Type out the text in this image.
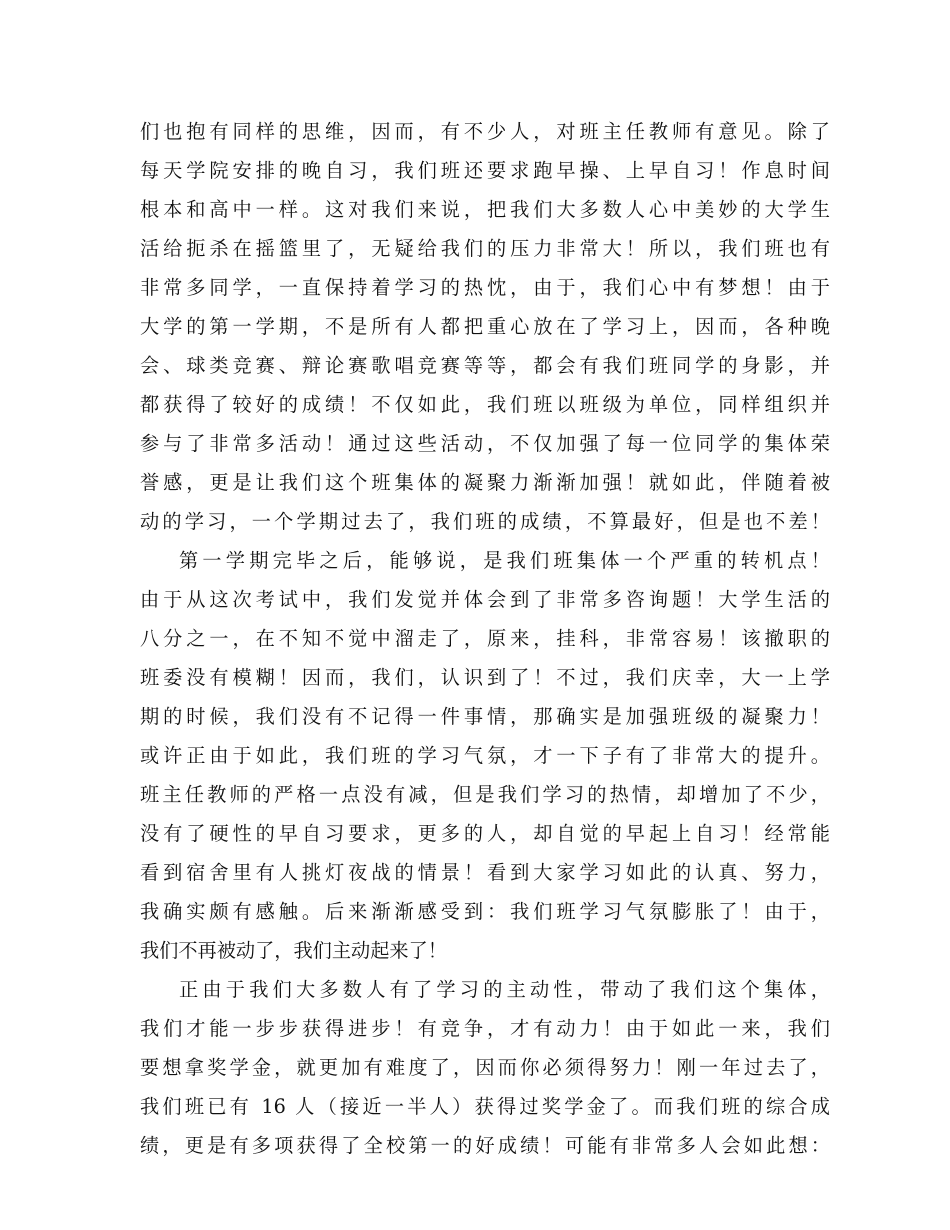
们也抱有同样的思维，因而，有不少人，对班主任教师有意见。除了
每天学院安排的晚自习，我们班还要求跑早操、上早自习！作息时间
根本和高中一样。这对我们来说，把我们大多数人心中美妙的大学生
活给扼杀在摇篮里了，无疑给我们的压力非常大！所以，我们班也有
非常多同学，一直保持着学习的热忱，由于，我们心中有梦想！由于
大学的第一学期，不是所有人都把重心放在了学习上，因而，各种晚
会、球类竞赛、辩论赛歌唱竞赛等等，都会有我们班同学的身影，并
都获得了较好的成绩！不仅如此，我们班以班级为单位，同样组织并
参与了非常多活动！通过这些活动，不仅加强了每一位同学的集体荣
誉感，更是让我们这个班集体的凝聚力渐渐加强！就如此，伴随着被
动的学习，一个学期过去了，我们班的成绩，不算最好，但是也不差！
第一学期完毕之后，能够说，是我们班集体一个严重的转机点！
由于从这次考试中，我们发觉并体会到了非常多咨询题！大学生活的
八分之一，在不知不觉中溜走了，原来，挂科，非常容易！该撤职的
班委没有模糊！因而，我们，认识到了！不过，我们庆幸，大一上学
期的时候，我们没有不记得一件事情，那确实是加强班级的凝聚力！
或许正由于如此，我们班的学习气氛，才一下子有了非常大的提升。
班主任教师的严格一点没有减，但是我们学习的热情，却增加了不少，
没有了硬性的早自习要求，更多的人，却自觉的早起上自习！经常能
看到宿舍里有人挑灯夜战的情景！看到大家学习如此的认真、努力，
我确实颇有感触。后来渐渐感受到：我们班学习气氛膨胀了！由于，
我们不再被动了，我们主动起来了！
正由于我们大多数人有了学习的主动性，带动了我们这个集体，
我们才能一步步获得进步！有竞争，才有动力！由于如此一来，我们
要想拿奖学金，就更加有难度了，因而你必须得努力！刚一年过去了，
我们班已有 16 人（接近一半人）获得过奖学金了。而我们班的综合成
绩，更是有多项获得了全校第一的好成绩！可能有非常多人会如此想：
